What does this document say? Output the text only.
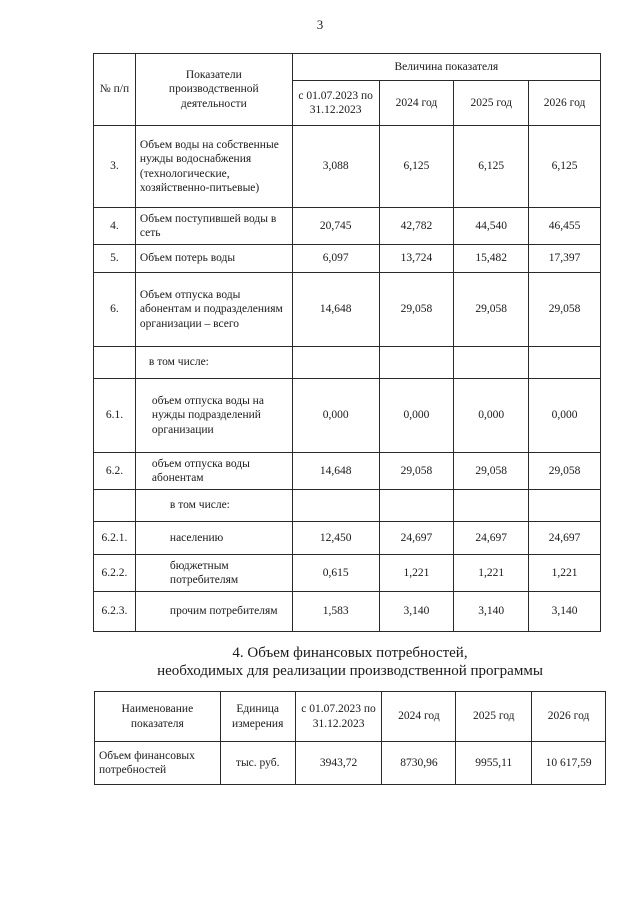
3
№ п/п	Показатели производственной деятельности	Величина показателя			
		с 01.07.2023 по 31.12.2023	2024 год	2025 год	2026 год
3.	Объем воды на собственные нужды водоснабжения (технологические, хозяйственно-питьевые)	3,088	6,125	6,125	6,125
4.	Объем поступившей воды в сеть	20,745	42,782	44,540	46,455
5.	Объем потерь воды	6,097	13,724	15,482	17,397
6.	Объем отпуска воды абонентам и подразделениям организации – всего	14,648	29,058	29,058	29,058
	в том числе:				
6.1.	объем отпуска воды на нужды подразделений организации	0,000	0,000	0,000	0,000
6.2.	объем отпуска воды абонентам	14,648	29,058	29,058	29,058
	в том числе:				
6.2.1.	населению	12,450	24,697	24,697	24,697
6.2.2.	бюджетным потребителям	0,615	1,221	1,221	1,221
6.2.3.	прочим потребителям	1,583	3,140	3,140	3,140
4. Объем финансовых потребностей,
необходимых для реализации производственной программы
Наименование показателя	Единица измерения	с 01.07.2023 по 31.12.2023	2024 год	2025 год	2026 год
Объем финансовых потребностей	тыс. руб.	3943,72	8730,96	9955,11	10 617,59
